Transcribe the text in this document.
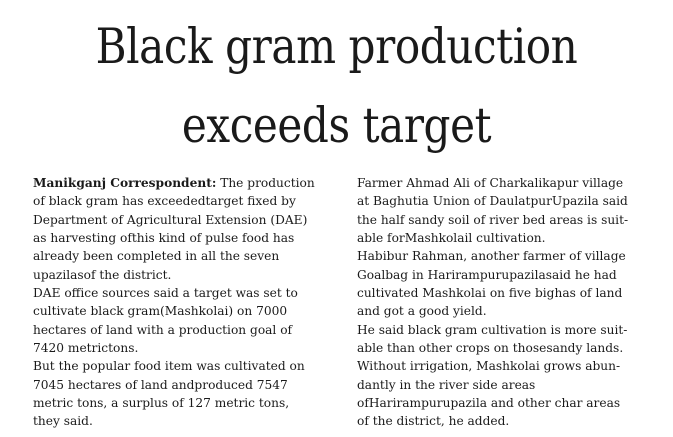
Black gram production
exceeds target
Manikganj Correspondent: The production
of black gram has exceededtarget fixed by
Department of Agricultural Extension (DAE)
as harvesting ofthis kind of pulse food has
already been completed in all the seven
upazilasof the district.
DAE office sources said a target was set to
cultivate black gram(Mashkolai) on 7000
hectares of land with a production goal of
7420 metrictons.
But the popular food item was cultivated on
7045 hectares of land andproduced 7547
metric tons, a surplus of 127 metric tons,
they said.
Farmer Ahmad Ali of Charkalikapur village
at Baghutia Union of DaulatpurUpazila said
the half sandy soil of river bed areas is suit-
able forMashkolail cultivation.
Habibur Rahman, another farmer of village
Goalbag in Harirampurupazilasaid he had
cultivated Mashkolai on five bighas of land
and got a good yield.
He said black gram cultivation is more suit-
able than other crops on thosesandy lands.
Without irrigation, Mashkolai grows abun-
dantly in the river side areas
ofHarirampurupazila and other char areas
of the district, he added.
